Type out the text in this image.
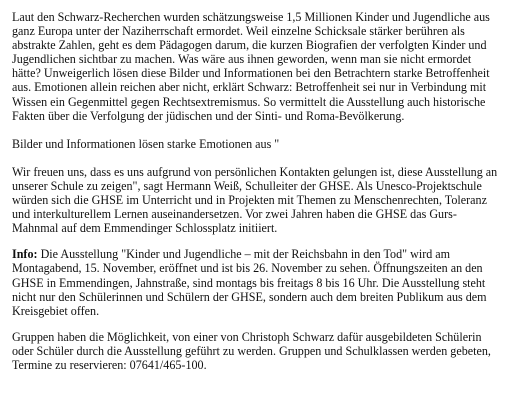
Laut den Schwarz-Recherchen wurden schätzungsweise 1,5 Millionen Kinder und Jugendliche aus
ganz Europa unter der Naziherrschaft ermordet. Weil einzelne Schicksale stärker berühren als
abstrakte Zahlen, geht es dem Pädagogen darum, die kurzen Biografien der verfolgten Kinder und
Jugendlichen sichtbar zu machen. Was wäre aus ihnen geworden, wenn man sie nicht ermordet
hätte? Unweigerlich lösen diese Bilder und Informationen bei den Betrachtern starke Betroffenheit
aus. Emotionen allein reichen aber nicht, erklärt Schwarz: Betroffenheit sei nur in Verbindung mit
Wissen ein Gegenmittel gegen Rechtsextremismus. So vermittelt die Ausstellung auch historische
Fakten über die Verfolgung der jüdischen und der Sinti- und Roma-Bevölkerung.

Bilder und Informationen lösen starke Emotionen aus "

Wir freuen uns, dass es uns aufgrund von persönlichen Kontakten gelungen ist, diese Ausstellung an
unserer Schule zu zeigen", sagt Hermann Weiß, Schulleiter der GHSE. Als Unesco-Projektschule
würden sich die GHSE im Unterricht und in Projekten mit Themen zu Menschenrechten, Toleranz
und interkulturellem Lernen auseinandersetzen. Vor zwei Jahren haben die GHSE das Gurs-
Mahnmal auf dem Emmendinger Schlossplatz initiiert.

Info: Die Ausstellung "Kinder und Jugendliche – mit der Reichsbahn in den Tod" wird am
Montagabend, 15. November, eröffnet und ist bis 26. November zu sehen. Öffnungszeiten an den
GHSE in Emmendingen, Jahnstraße, sind montags bis freitags 8 bis 16 Uhr. Die Ausstellung steht
nicht nur den Schülerinnen und Schülern der GHSE, sondern auch dem breiten Publikum aus dem
Kreisgebiet offen.

Gruppen haben die Möglichkeit, von einer von Christoph Schwarz dafür ausgebildeten Schülerin
oder Schüler durch die Ausstellung geführt zu werden. Gruppen und Schulklassen werden gebeten,
Termine zu reservieren: 07641/465-100.
